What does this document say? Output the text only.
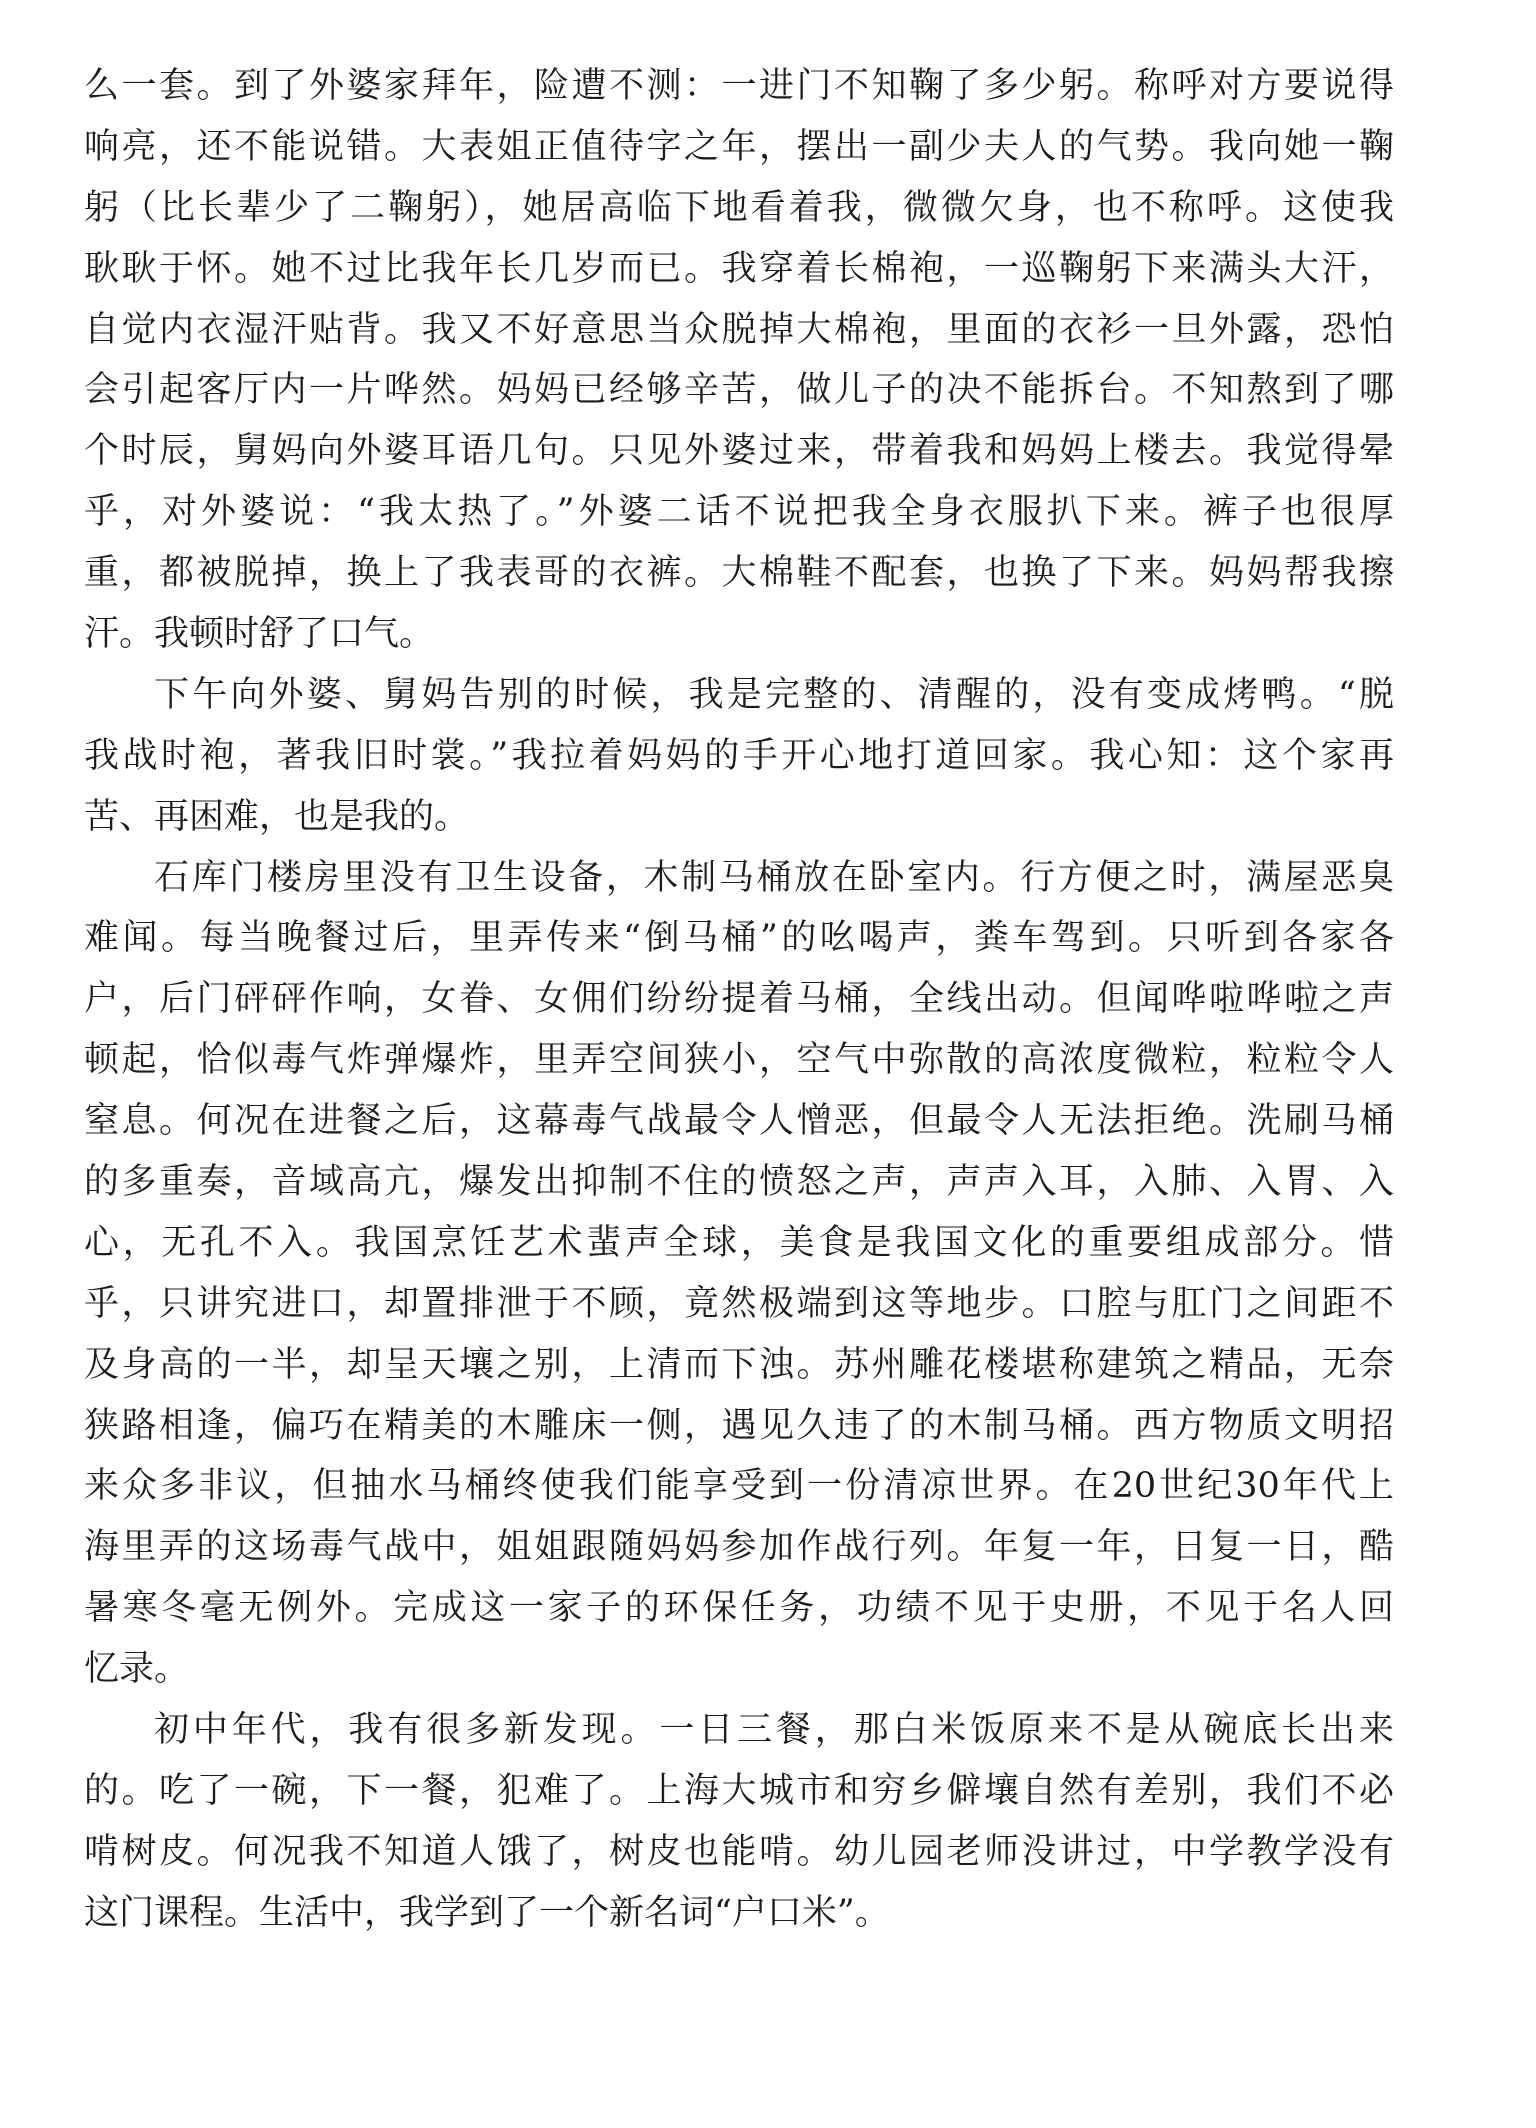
么一套。到了外婆家拜年，险遭不测：一进门不知鞠了多少躬。称呼对方要说得
响亮，还不能说错。大表姐正值待字之年，摆出一副少夫人的气势。我向她一鞠
躬（比长辈少了二鞠躬），她居高临下地看着我，微微欠身，也不称呼。这使我
耿耿于怀。她不过比我年长几岁而已。我穿着长棉袍，一巡鞠躬下来满头大汗，
自觉内衣湿汗贴背。我又不好意思当众脱掉大棉袍，里面的衣衫一旦外露，恐怕
会引起客厅内一片哗然。妈妈已经够辛苦，做儿子的决不能拆台。不知熬到了哪
个时辰，舅妈向外婆耳语几句。只见外婆过来，带着我和妈妈上楼去。我觉得晕
乎，对外婆说：“我太热了。”外婆二话不说把我全身衣服扒下来。裤子也很厚
重，都被脱掉，换上了我表哥的衣裤。大棉鞋不配套，也换了下来。妈妈帮我擦
汗。我顿时舒了口气。
下午向外婆、舅妈告别的时候，我是完整的、清醒的，没有变成烤鸭。“脱
我战时袍，著我旧时裳。”我拉着妈妈的手开心地打道回家。我心知：这个家再
苦、再困难，也是我的。
石库门楼房里没有卫生设备，木制马桶放在卧室内。行方便之时，满屋恶臭
难闻。每当晚餐过后，里弄传来“倒马桶”的吆喝声，粪车驾到。只听到各家各
户，后门砰砰作响，女眷、女佣们纷纷提着马桶，全线出动。但闻哗啦哗啦之声
顿起，恰似毒气炸弹爆炸，里弄空间狭小，空气中弥散的高浓度微粒，粒粒令人
窒息。何况在进餐之后，这幕毒气战最令人憎恶，但最令人无法拒绝。洗刷马桶
的多重奏，音域高亢，爆发出抑制不住的愤怒之声，声声入耳，入肺、入胃、入
心，无孔不入。我国烹饪艺术蜚声全球，美食是我国文化的重要组成部分。惜
乎，只讲究进口，却置排泄于不顾，竟然极端到这等地步。口腔与肛门之间距不
及身高的一半，却呈天壤之别，上清而下浊。苏州雕花楼堪称建筑之精品，无奈
狭路相逢，偏巧在精美的木雕床一侧，遇见久违了的木制马桶。西方物质文明招
来众多非议，但抽水马桶终使我们能享受到一份清凉世界。在20世纪30年代上
海里弄的这场毒气战中，姐姐跟随妈妈参加作战行列。年复一年，日复一日，酷
暑寒冬毫无例外。完成这一家子的环保任务，功绩不见于史册，不见于名人回
忆录。
初中年代，我有很多新发现。一日三餐，那白米饭原来不是从碗底长出来
的。吃了一碗，下一餐，犯难了。上海大城市和穷乡僻壤自然有差别，我们不必
啃树皮。何况我不知道人饿了，树皮也能啃。幼儿园老师没讲过，中学教学没有
这门课程。生活中，我学到了一个新名词“户口米”。
